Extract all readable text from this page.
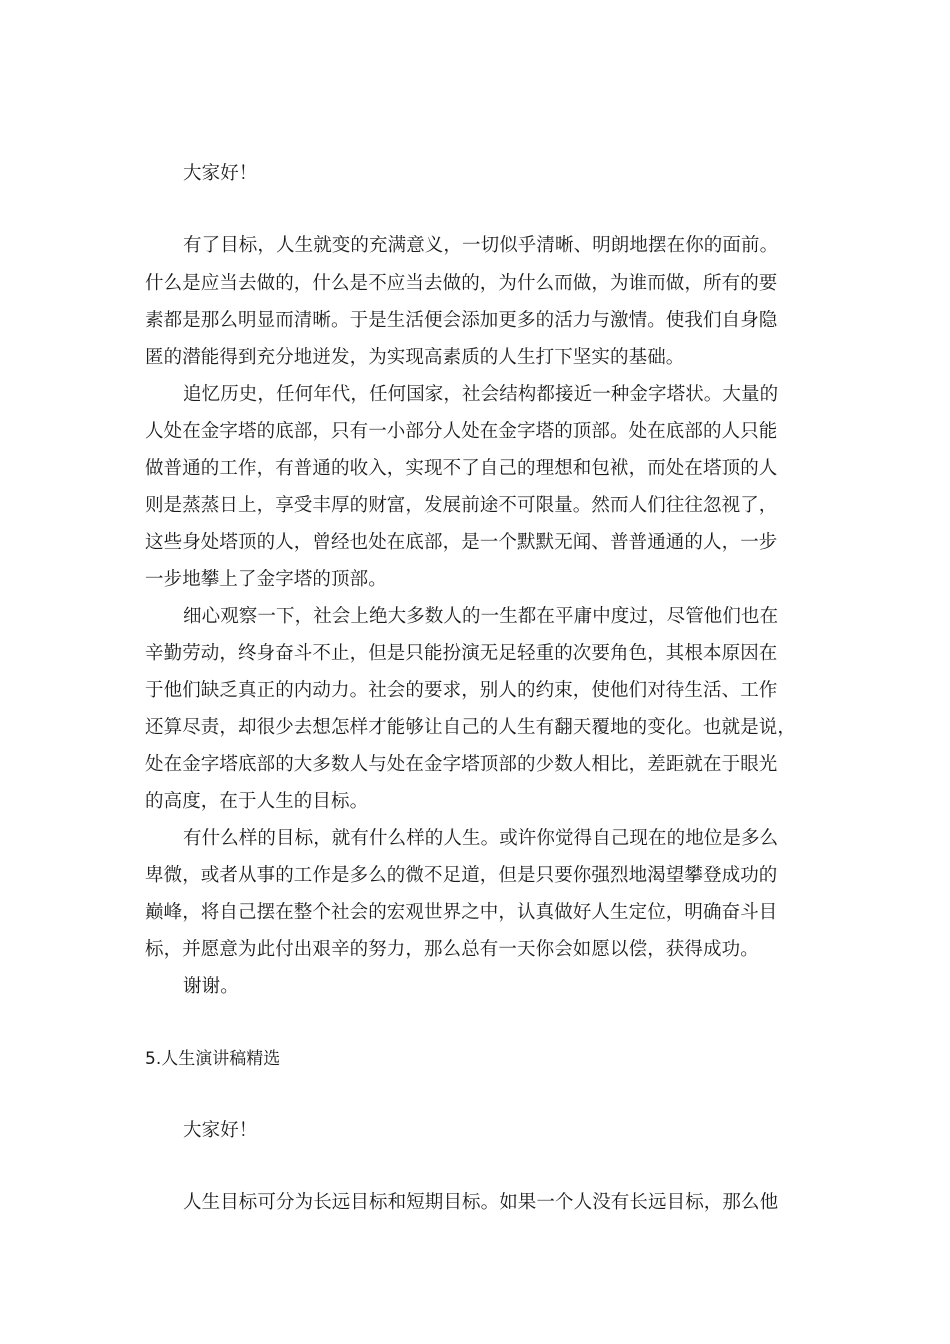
大家好！
有了目标，人生就变的充满意义，一切似乎清晰、明朗地摆在你的面前。
什么是应当去做的，什么是不应当去做的，为什么而做，为谁而做，所有的要
素都是那么明显而清晰。于是生活便会添加更多的活力与激情。使我们自身隐
匿的潜能得到充分地迸发，为实现高素质的人生打下坚实的基础。
追忆历史，任何年代，任何国家，社会结构都接近一种金字塔状。大量的
人处在金字塔的底部，只有一小部分人处在金字塔的顶部。处在底部的人只能
做普通的工作，有普通的收入，实现不了自己的理想和包袱，而处在塔顶的人
则是蒸蒸日上，享受丰厚的财富，发展前途不可限量。然而人们往往忽视了，
这些身处塔顶的人，曾经也处在底部，是一个默默无闻、普普通通的人，一步
一步地攀上了金字塔的顶部。
细心观察一下，社会上绝大多数人的一生都在平庸中度过，尽管他们也在
辛勤劳动，终身奋斗不止，但是只能扮演无足轻重的次要角色，其根本原因在
于他们缺乏真正的内动力。社会的要求，别人的约束，使他们对待生活、工作
还算尽责，却很少去想怎样才能够让自己的人生有翻天覆地的变化。也就是说，
处在金字塔底部的大多数人与处在金字塔顶部的少数人相比，差距就在于眼光
的高度，在于人生的目标。
有什么样的目标，就有什么样的人生。或许你觉得自己现在的地位是多么
卑微，或者从事的工作是多么的微不足道，但是只要你强烈地渴望攀登成功的
巅峰，将自己摆在整个社会的宏观世界之中，认真做好人生定位，明确奋斗目
标，并愿意为此付出艰辛的努力，那么总有一天你会如愿以偿，获得成功。
谢谢。
5.人生演讲稿精选
大家好！
人生目标可分为长远目标和短期目标。如果一个人没有长远目标，那么他
